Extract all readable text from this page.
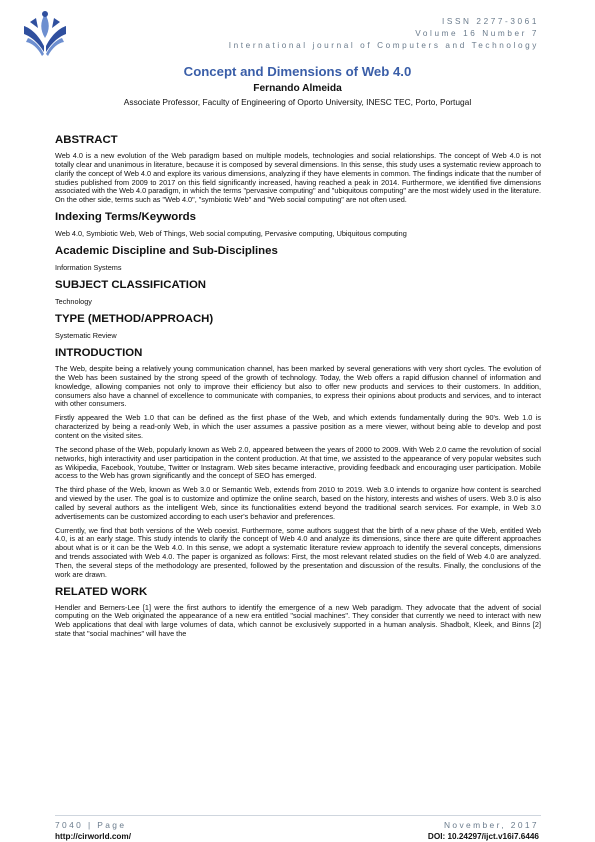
ISSN 2277-3061
Volume 16 Number 7
International journal of Computers and Technology
Concept and Dimensions of Web 4.0
Fernando Almeida
Associate Professor, Faculty of Engineering of Oporto University, INESC TEC, Porto, Portugal
ABSTRACT
Web 4.0 is a new evolution of the Web paradigm based on multiple models, technologies and social relationships. The concept of Web 4.0 is not totally clear and unanimous in literature, because it is composed by several dimensions. In this sense, this study uses a systematic review approach to clarify the concept of Web 4.0 and explore its various dimensions, analyzing if they have elements in common. The findings indicate that the number of studies published from 2009 to 2017 on this field significantly increased, having reached a peak in 2014. Furthermore, we identified five dimensions associated with the Web 4.0 paradigm, in which the terms "pervasive computing" and "ubiquitous computing" are the most widely used in the literature. On the other side, terms such as "Web 4.0", "symbiotic Web" and "Web social computing" are not often used.
Indexing Terms/Keywords
Web 4.0, Symbiotic Web, Web of Things, Web social computing, Pervasive computing, Ubiquitous computing
Academic Discipline and Sub-Disciplines
Information Systems
SUBJECT CLASSIFICATION
Technology
TYPE (METHOD/APPROACH)
Systematic Review
INTRODUCTION
The Web, despite being a relatively young communication channel, has been marked by several generations with very short cycles. The evolution of the Web has been sustained by the strong speed of the growth of technology. Today, the Web offers a rapid diffusion channel of information and knowledge, allowing companies not only to improve their efficiency but also to offer new products and services to their customers. In addition, consumers also have a channel of excellence to communicate with companies, to express their opinions about products and services, and to interact with other consumers.
Firstly appeared the Web 1.0 that can be defined as the first phase of the Web, and which extends fundamentally during the 90's. Web 1.0 is characterized by being a read-only Web, in which the user assumes a passive position as a mere viewer, without being able to develop and post content on the visited sites.
The second phase of the Web, popularly known as Web 2.0, appeared between the years of 2000 to 2009. With Web 2.0 came the revolution of social networks, high interactivity and user participation in the content production. At that time, we assisted to the appearance of very popular websites such as Wikipedia, Facebook, Youtube, Twitter or Instagram. Web sites became interactive, providing feedback and encouraging user participation. Mobile access to the Web has grown significantly and the concept of SEO has emerged.
The third phase of the Web, known as Web 3.0 or Semantic Web, extends from 2010 to 2019. Web 3.0 intends to organize how content is searched and viewed by the user. The goal is to customize and optimize the online search, based on the history, interests and wishes of users. Web 3.0 is also called by several authors as the intelligent Web, since its functionalities extend beyond the traditional search services. For example, in Web 3.0 advertisements can be customized according to each user's behavior and preferences.
Currently, we find that both versions of the Web coexist. Furthermore, some authors suggest that the birth of a new phase of the Web, entitled Web 4.0, is at an early stage. This study intends to clarify the concept of Web 4.0 and analyze its dimensions, since there are quite different approaches about what is or it can be the Web 4.0. In this sense, we adopt a systematic literature review approach to identify the several concepts, dimensions and trends associated with Web 4.0. The paper is organized as follows: First, the most relevant related studies on the field of Web 4.0 are analyzed. Then, the several steps of the methodology are presented, followed by the presentation and discussion of the results. Finally, the conclusions of the work are drawn.
RELATED WORK
Hendler and Berners-Lee [1] were the first authors to identify the emergence of a new Web paradigm. They advocate that the advent of social computing on the Web originated the appearance of a new era entitled "social machines". They consider that currently we need to interact with new Web applications that deal with large volumes of data, which cannot be exclusively supported in a human analysis. Shadbolt, Kleek, and Binns [2] state that "social machines" will have the
7040 | Page	November, 2017
http://cirworld.com/	DOI: 10.24297/ijct.v16i7.6446
